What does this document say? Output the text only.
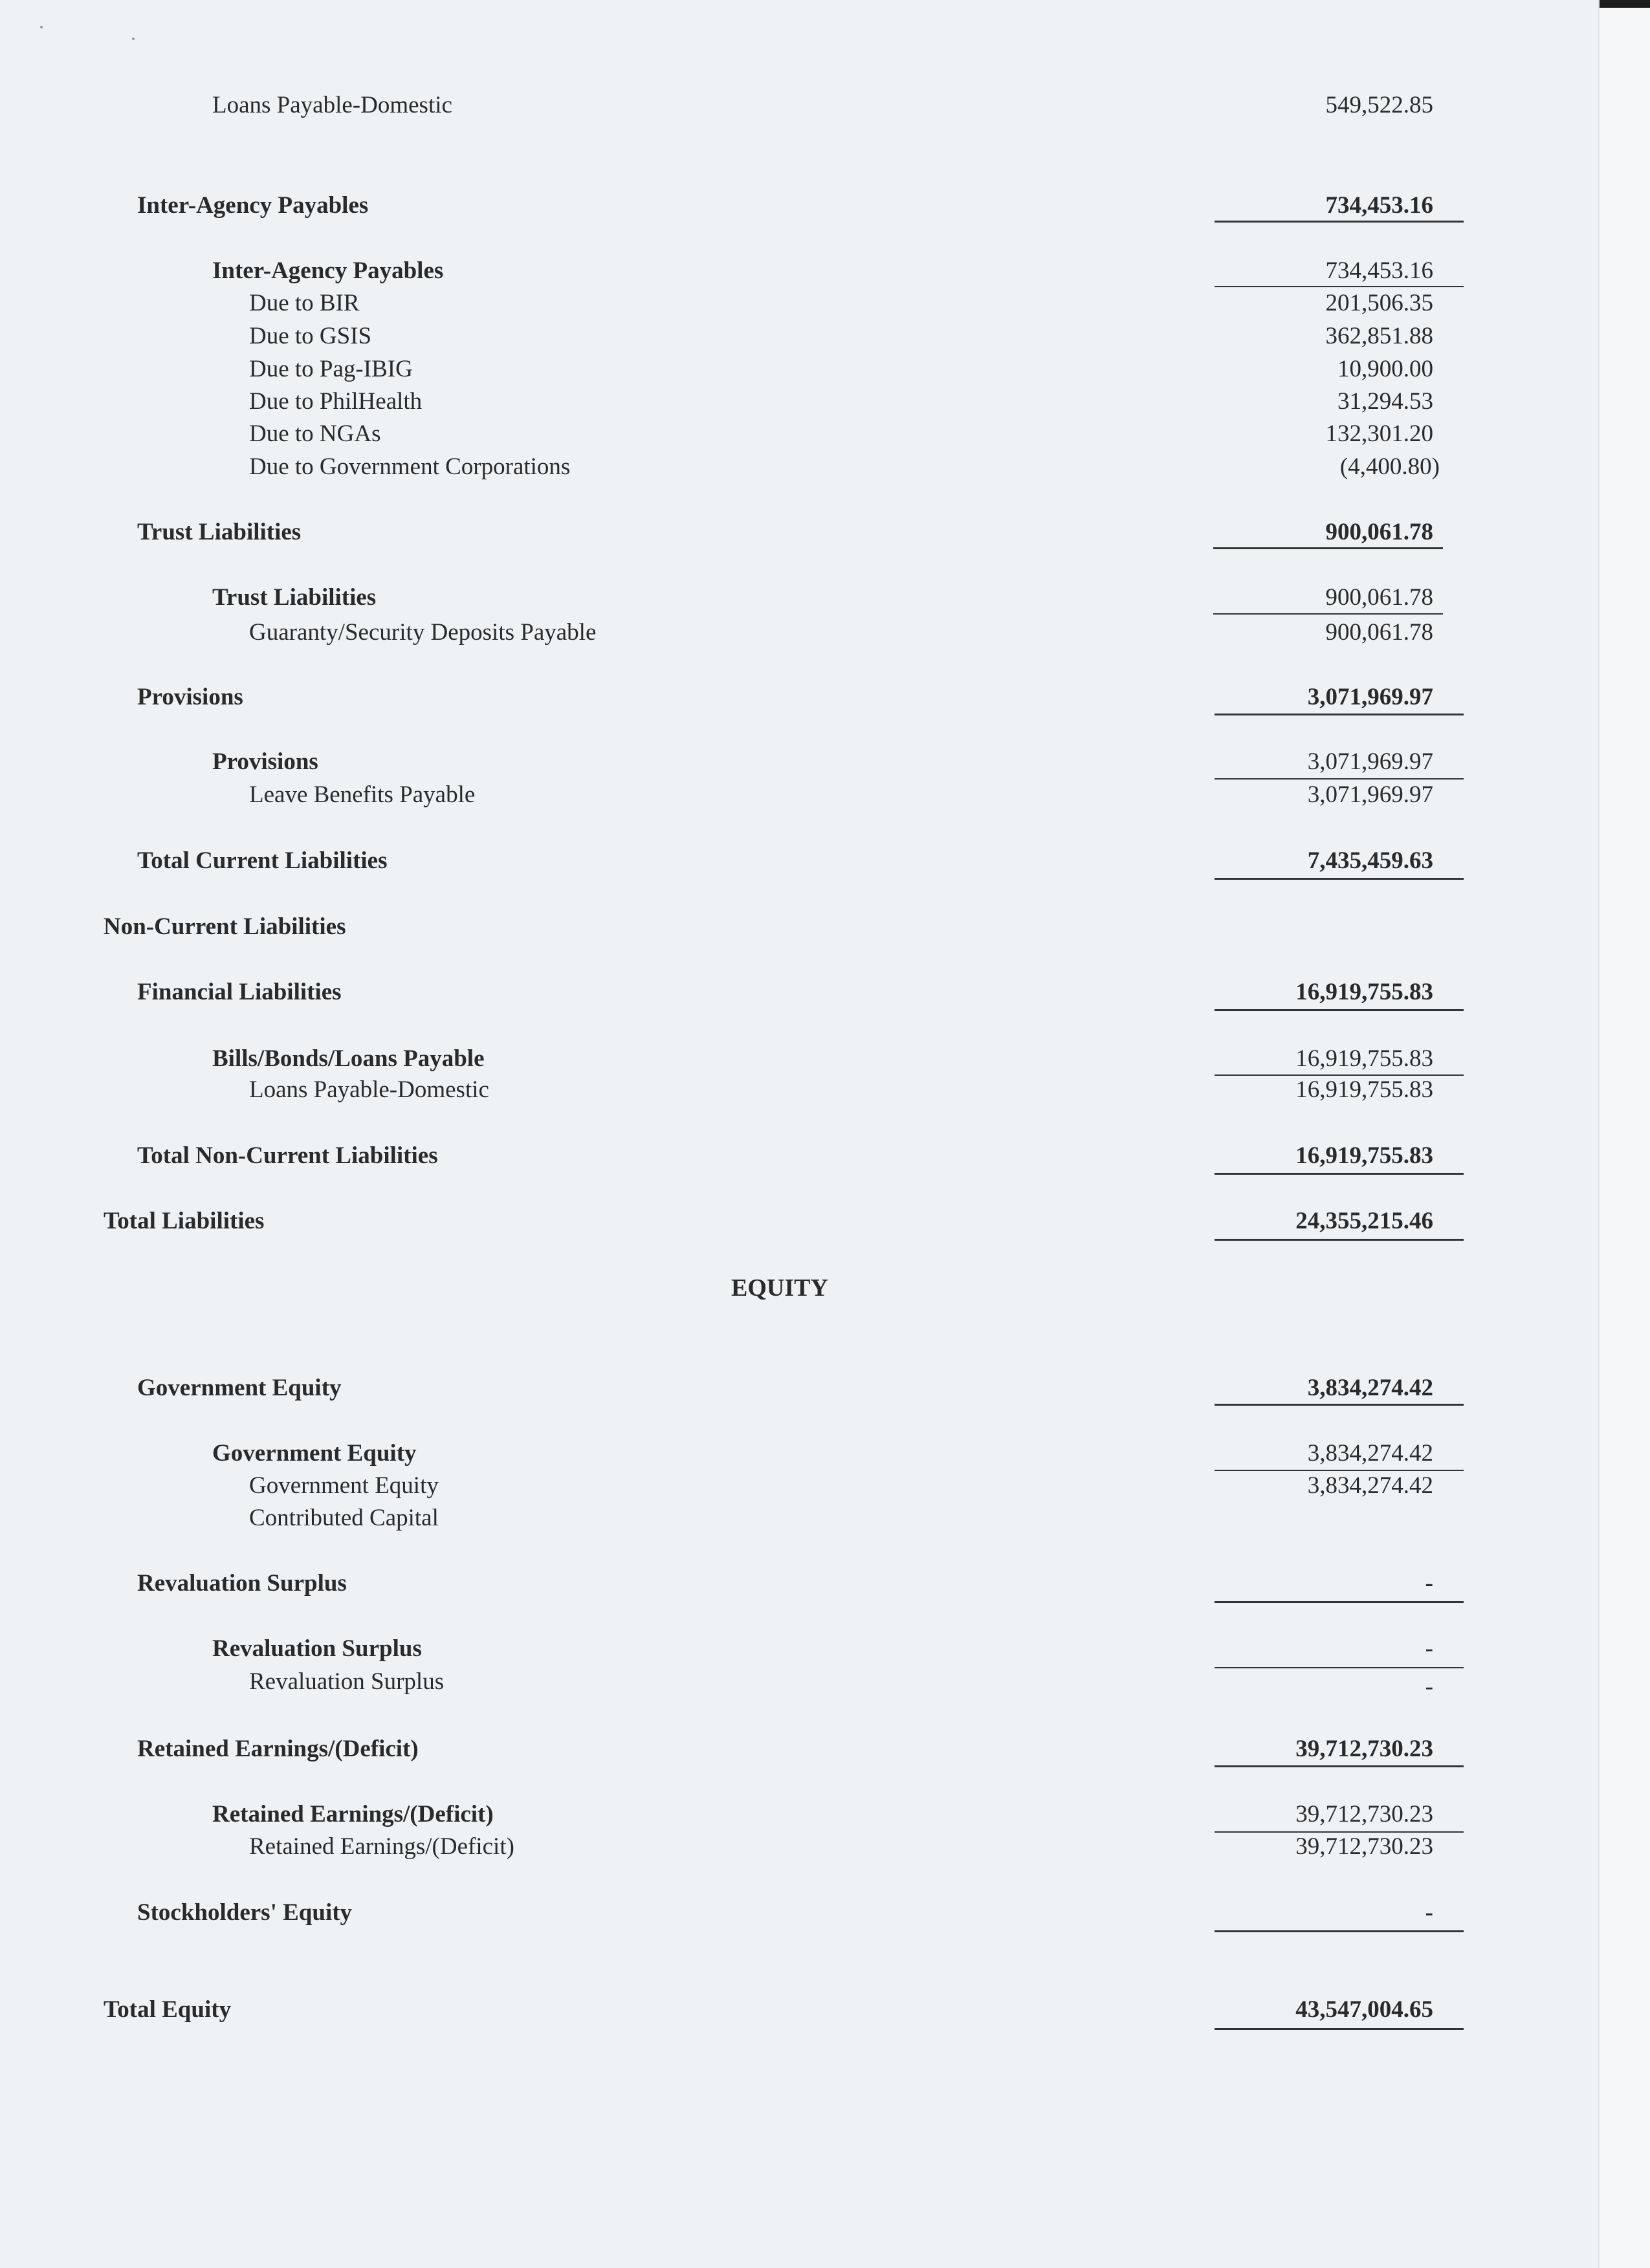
Loans Payable-Domestic	549,522.85
Inter-Agency Payables	734,453.16
Inter-Agency Payables	734,453.16
Due to BIR	201,506.35
Due to GSIS	362,851.88
Due to Pag-IBIG	10,900.00
Due to PhilHealth	31,294.53
Due to NGAs	132,301.20
Due to Government Corporations	(4,400.80)
Trust Liabilities	900,061.78
Trust Liabilities	900,061.78
Guaranty/Security Deposits Payable	900,061.78
Provisions	3,071,969.97
Provisions	3,071,969.97
Leave Benefits Payable	3,071,969.97
Total Current Liabilities	7,435,459.63
Non-Current Liabilities
Financial Liabilities	16,919,755.83
Bills/Bonds/Loans Payable	16,919,755.83
Loans Payable-Domestic	16,919,755.83
Total Non-Current Liabilities	16,919,755.83
Total Liabilities	24,355,215.46
EQUITY
Government Equity	3,834,274.42
Government Equity	3,834,274.42
Government Equity	3,834,274.42
Contributed Capital
Revaluation Surplus	-
Revaluation Surplus	-
Revaluation Surplus	-
Retained Earnings/(Deficit)	39,712,730.23
Retained Earnings/(Deficit)	39,712,730.23
Retained Earnings/(Deficit)	39,712,730.23
Stockholders' Equity	-
Total Equity	43,547,004.65
